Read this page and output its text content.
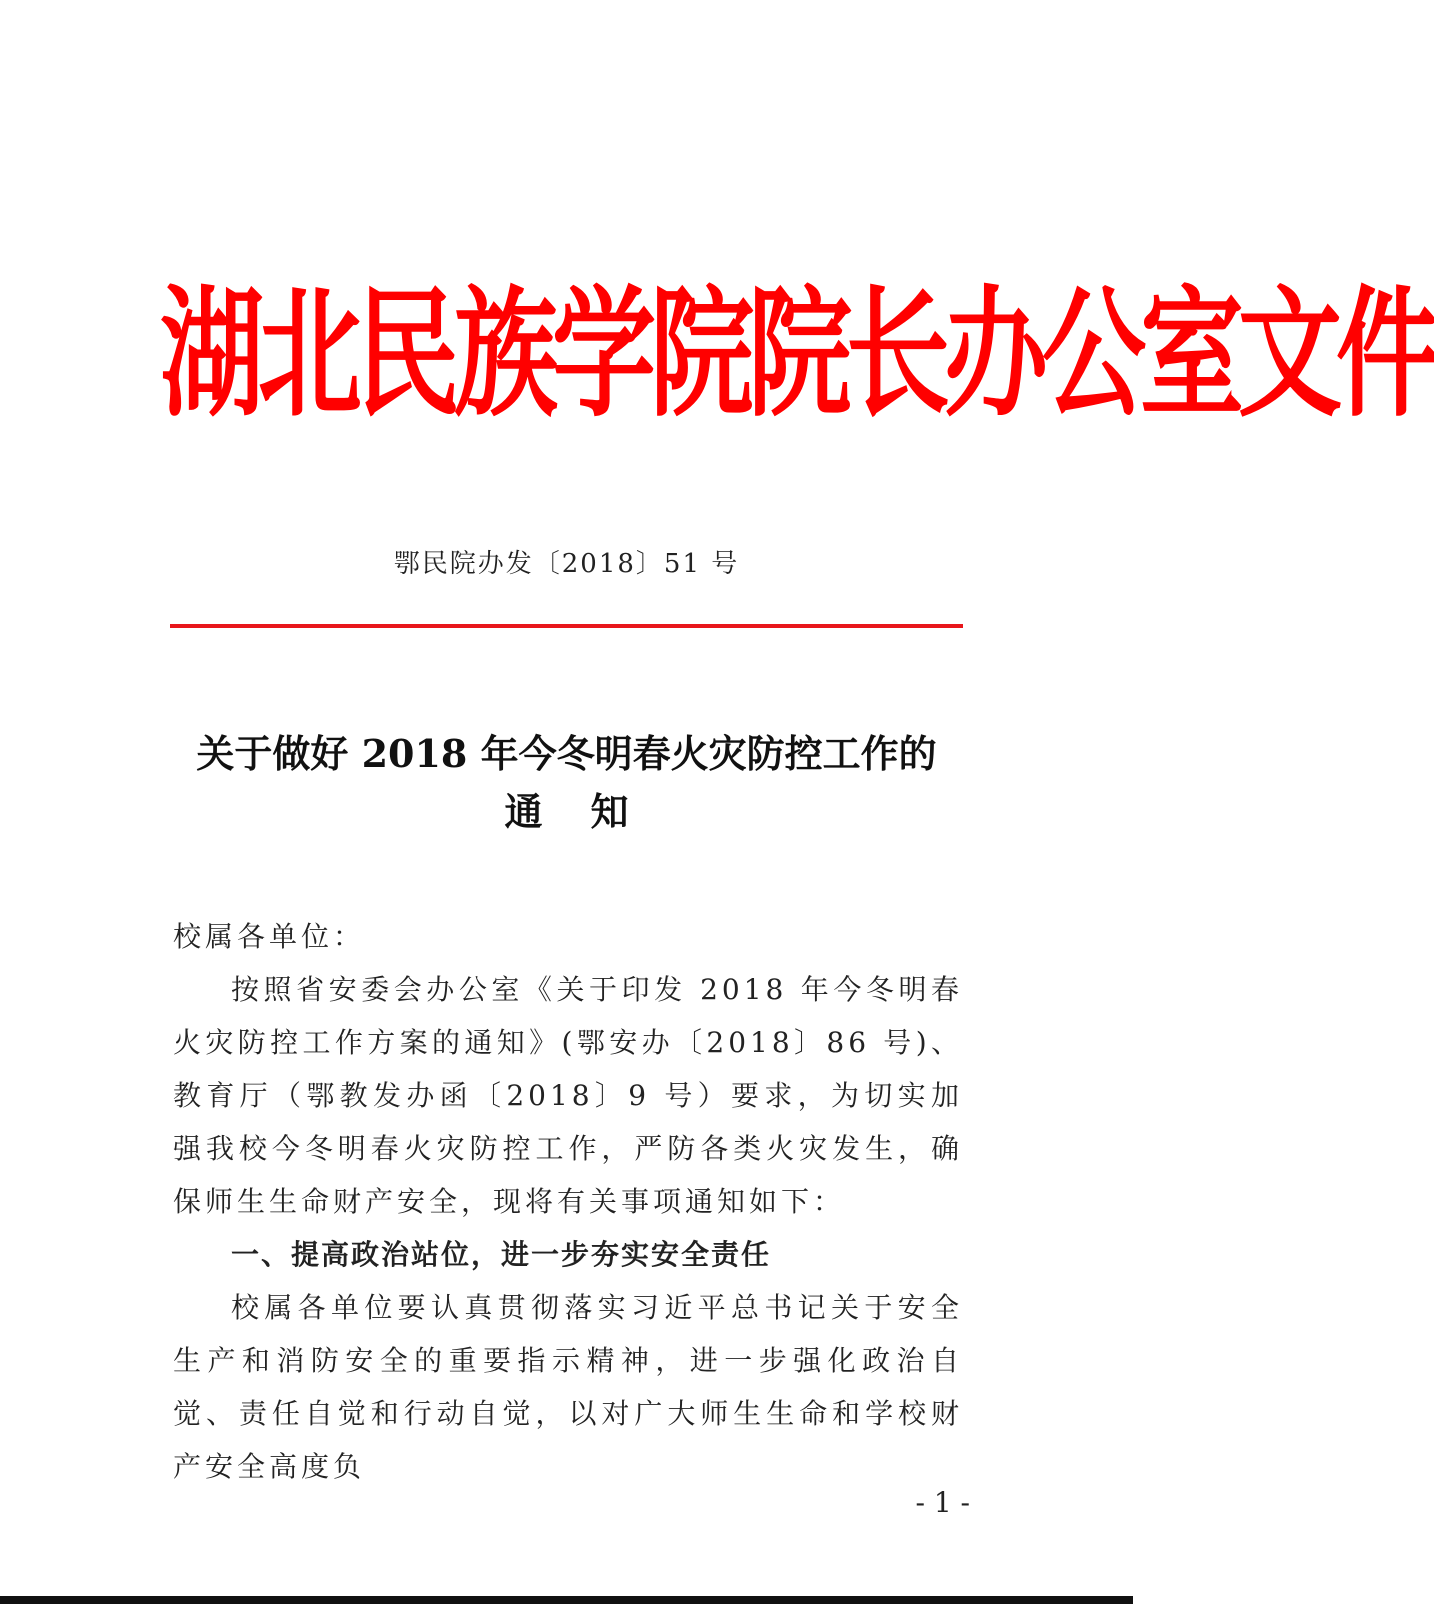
湖北民族学院院长办公室文件
鄂民院办发〔2018〕51 号
关于做好 2018 年今冬明春火灾防控工作的
通知

校属各单位：

按照省安委会办公室《关于印发 2018 年今冬明春火灾防控工作方案的通知》(鄂安办〔2018〕86 号)、教育厅（鄂教发办函〔2018〕9 号）要求，为切实加强我校今冬明春火灾防控工作，严防各类火灾发生，确保师生生命财产安全，现将有关事项通知如下：

一、提高政治站位，进一步夯实安全责任

校属各单位要认真贯彻落实习近平总书记关于安全生产和消防安全的重要指示精神，进一步强化政治自觉、责任自觉和行动自觉，以对广大师生生命和学校财产安全高度负

- 1 -
